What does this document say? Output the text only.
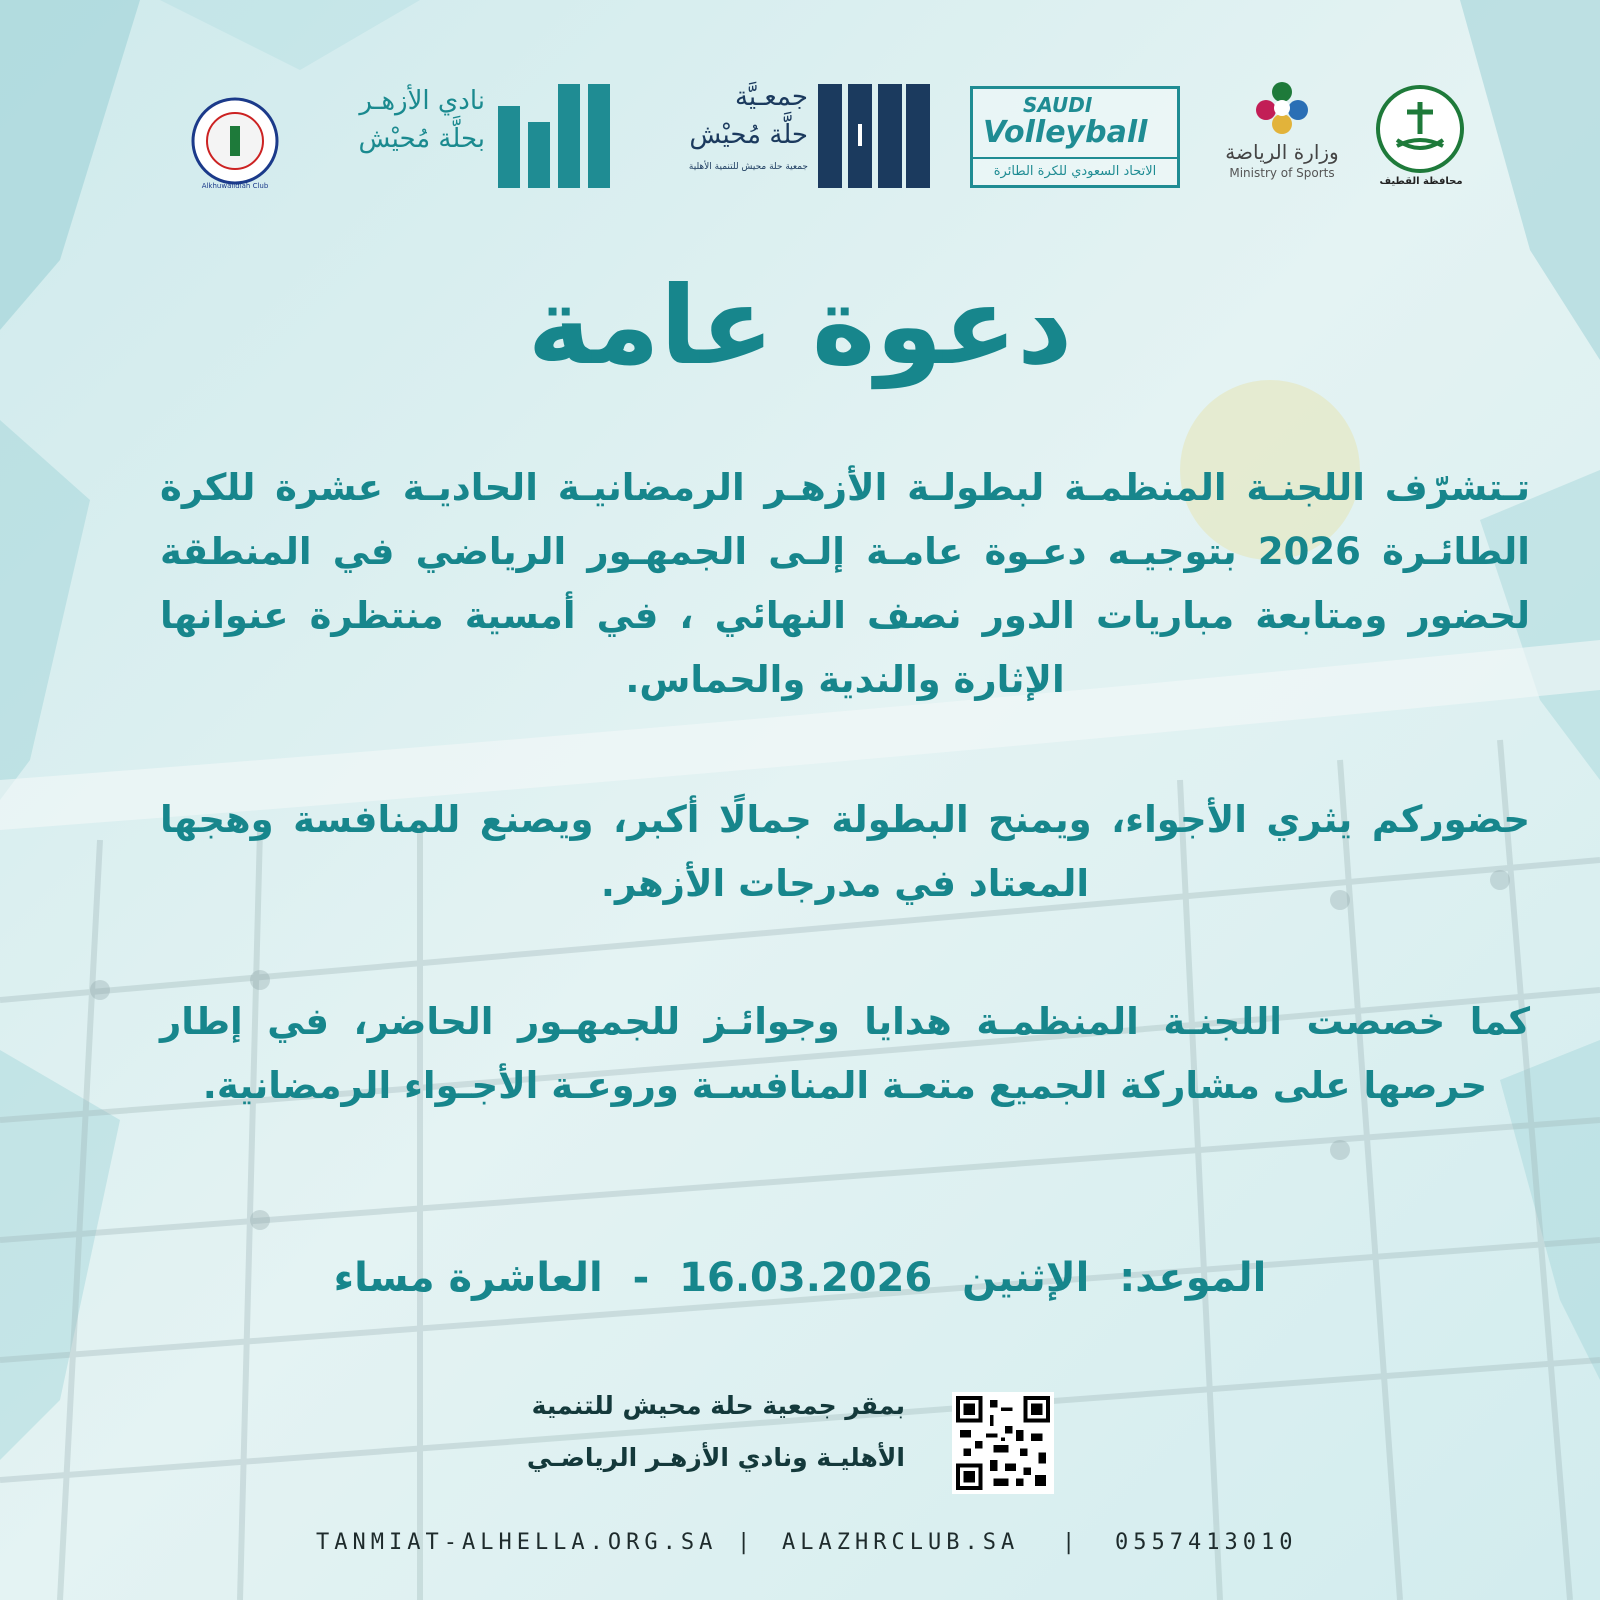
Alkhuwaildiah Club
نادي الأزهـر
بحلَّة مُحيْش
جمعـيَّة
حلَّة مُحيْش
جمعية حلة محيش للتنمية الأهلية
SAUDI
Volleyball
الاتحاد السعودي للكرة الطائرة
وزارة الرياضة
Ministry of Sports
محافظة القطيف
دعوة عامة
تـتشرّف اللجنـة المنظمـة لبطولـة الأزهـر الرمضانيـة الحاديـة عشرة للكرة الطائـرة 2026 بتوجيـه دعـوة عامـة إلـى الجمهـور الرياضي في المنطقة لحضور ومتابعة مباريات الدور نصف النهائي ، في أمسية منتظرة عنوانها الإثارة والندية والحماس.
حضوركم يثري الأجواء، ويمنح البطولة جمالًا أكبر، ويصنع للمنافسة وهجها المعتاد في مدرجات الأزهر.
كما خصصت اللجنـة المنظمـة هدايا وجوائـز للجمهـور الحاضر، في إطار حرصها على مشاركة الجميع متعـة المنافسـة وروعـة الأجـواء الرمضانية.
الموعد: الإثنين 16.03.2026 - العاشرة مساء
بمقر جمعية حلة محيش للتنمية
الأهليـة ونادي الأزهـر الرياضـي
TANMIAT-ALHELLA.ORG.SA | ALAZHRCLUB.SA | 0557413010
